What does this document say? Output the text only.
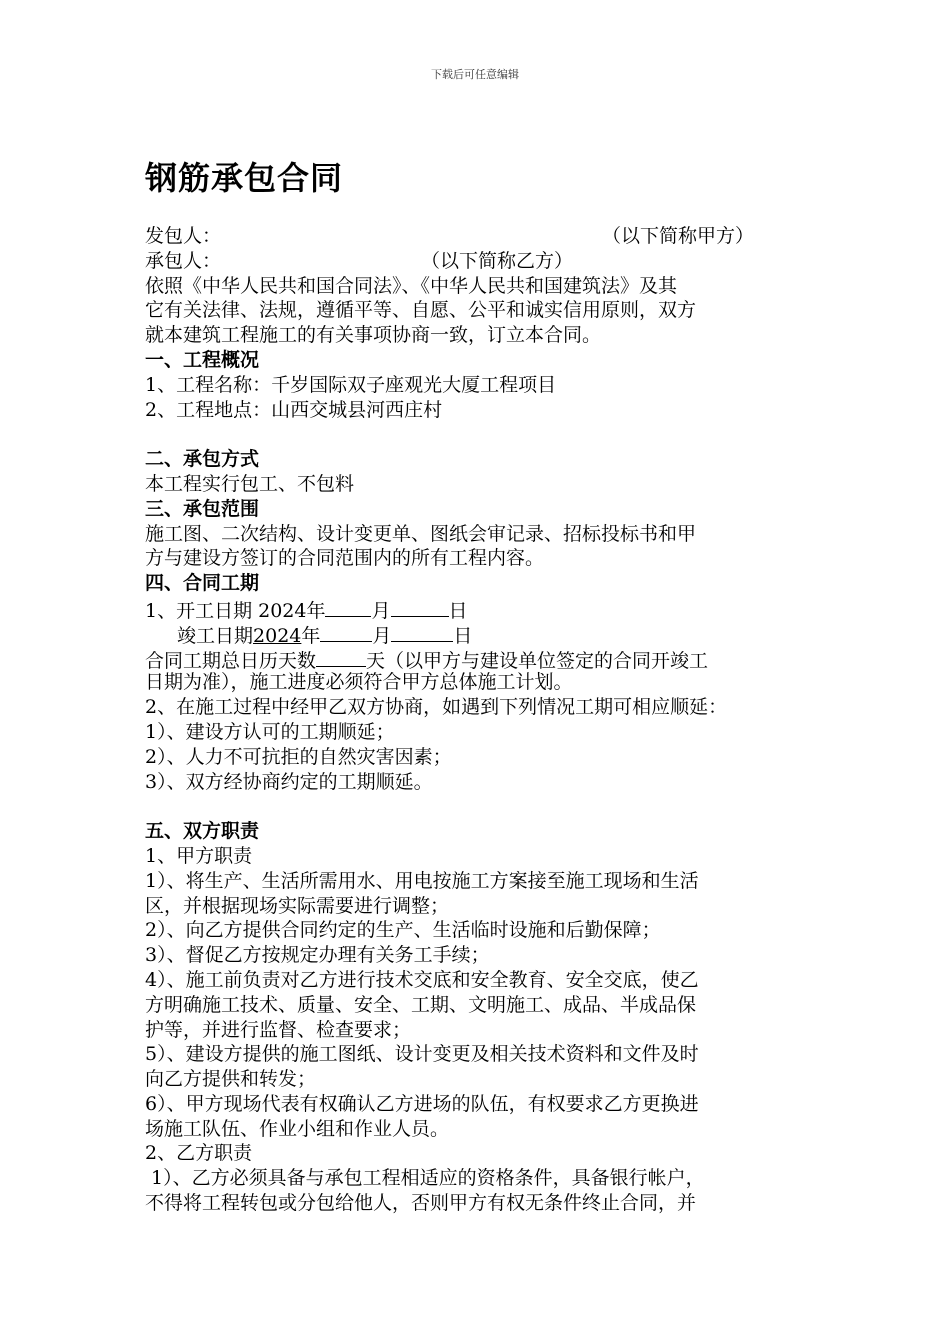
下载后可任意编辑
钢筋承包合同
发包人：	（以下简称甲方）
承包人：	（以下简称乙方）
依照《中华人民共和国合同法》、《中华人民共和国建筑法》及其
它有关法律、法规，遵循平等、自愿、公平和诚实信用原则，双方
就本建筑工程施工的有关事项协商一致，订立本合同。
一、工程概况
1、工程名称：千岁国际双子座观光大厦工程项目
2、工程地点：山西交城县河西庄村
二、承包方式
本工程实行包工、不包料
三、承包范围
施工图、二次结构、设计变更单、图纸会审记录、招标投标书和甲
方与建设方签订的合同范围内的所有工程内容。
四、合同工期
1、开工日期 2024年 月	日
竣工日期2024年	月	日
合同工期总日历天数	天（以甲方与建设单位签定的合同开竣工
日期为准），施工进度必须符合甲方总体施工计划。
2、在施工过程中经甲乙双方协商，如遇到下列情况工期可相应顺延：
1）、建设方认可的工期顺延；
2）、人力不可抗拒的自然灾害因素；
3）、双方经协商约定的工期顺延。
五、双方职责
1、甲方职责
1）、将生产、生活所需用水、用电按施工方案接至施工现场和生活
区，并根据现场实际需要进行调整；
2）、向乙方提供合同约定的生产、生活临时设施和后勤保障；
3）、督促乙方按规定办理有关务工手续；
4）、施工前负责对乙方进行技术交底和安全教育、安全交底，使乙
方明确施工技术、质量、安全、工期、文明施工、成品、半成品保
护等，并进行监督、检查要求；
5）、建设方提供的施工图纸、设计变更及相关技术资料和文件及时
向乙方提供和转发；
6）、甲方现场代表有权确认乙方进场的队伍，有权要求乙方更换进
场施工队伍、作业小组和作业人员。
2、乙方职责
1）、乙方必须具备与承包工程相适应的资格条件，具备银行帐户，
不得将工程转包或分包给他人，否则甲方有权无条件终止合同，并
